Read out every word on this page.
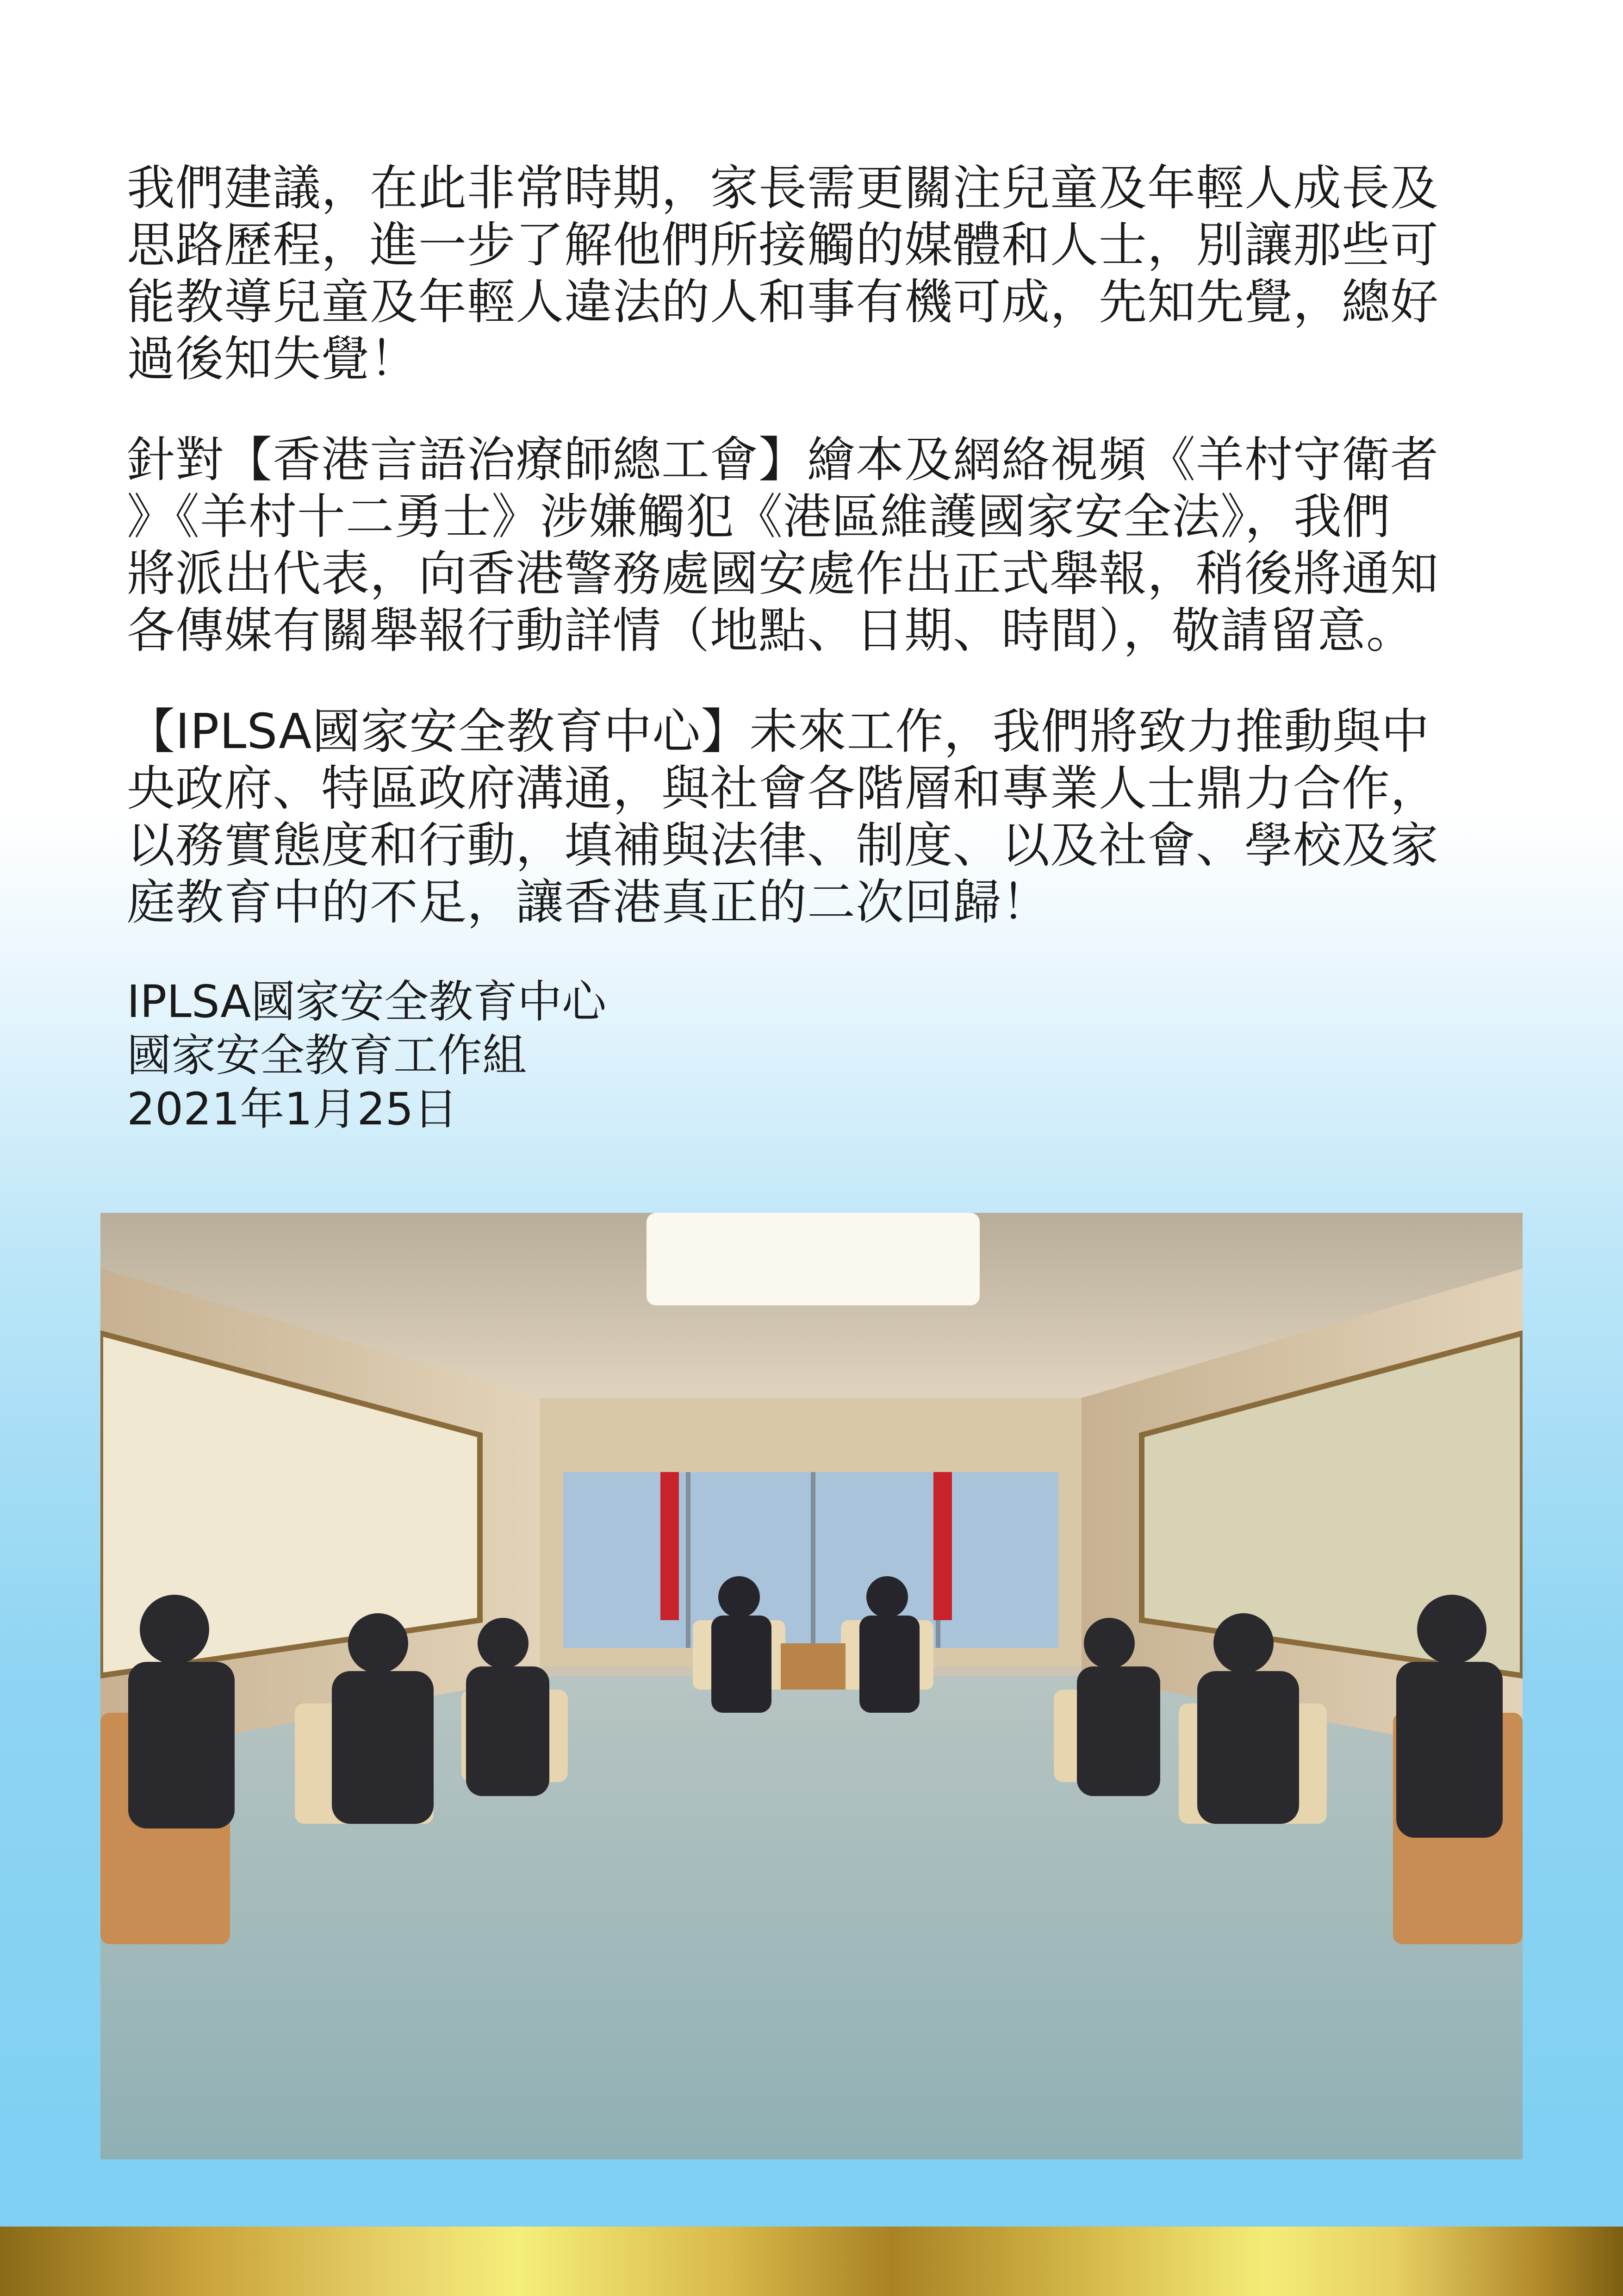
我們建議，在此非常時期，家長需更關注兒童及年輕人成長及
思路歷程，進一步了解他們所接觸的媒體和人士，別讓那些可
能教導兒童及年輕人違法的人和事有機可成，先知先覺，總好
過後知失覺！

針對【香港言語治療師總工會】繪本及網絡視頻《羊村守衛者
》《羊村十二勇士》涉嫌觸犯《港區維護國家安全法》，我們
將派出代表，向香港警務處國安處作出正式舉報，稍後將通知
各傳媒有關舉報行動詳情（地點、日期、時間），敬請留意。

【IPLSA國家安全教育中心】未來工作，我們將致力推動與中
央政府、特區政府溝通，與社會各階層和專業人士鼎力合作，
以務實態度和行動，填補與法律、制度、以及社會、學校及家
庭教育中的不足，讓香港真正的二次回歸！

IPLSA國家安全教育中心
國家安全教育工作組
2021年1月25日
